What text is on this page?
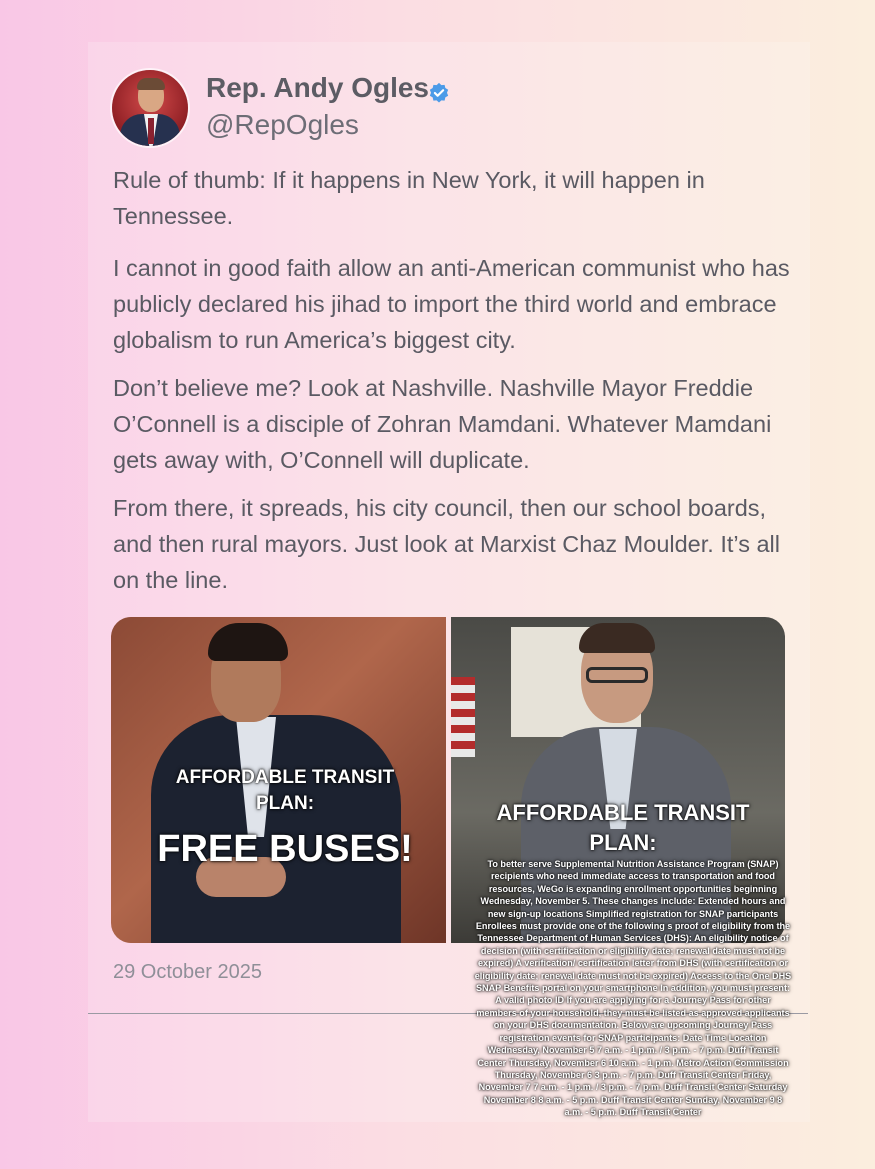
Rep. Andy Ogles
@RepOgles

Rule of thumb: If it happens in New York, it will happen in Tennessee.

I cannot in good faith allow an anti-American communist who has publicly declared his jihad to import the third world and embrace globalism to run America’s biggest city.

Don’t believe me? Look at Nashville. Nashville Mayor Freddie O’Connell is a disciple of Zohran Mamdani. Whatever Mamdani gets away with, O’Connell will duplicate.

From there, it spreads, his city council, then our school boards, and then rural mayors. Just look at Marxist Chaz Moulder. It’s all on the line.

AFFORDABLE TRANSIT PLAN:
FREE BUSES!
AFFORDABLE TRANSIT PLAN:
29 October 2025
To better serve Supplemental Nutrition Assistance Program (SNAP) recipients who need immediate access to transportation and food resources, WeGo is expanding enrollment opportunities beginning Wednesday, November 5. These changes include: Extended hours and new sign-up locations Simplified registration for SNAP participants Enrollees must provide one of the following s proof of eligibility from the Tennessee Department of Human Services (DHS): An eligibility notice of decision (with certification or eligibility date; renewal date must not be expired) A verification/ certification letter from DHS (with certification or eligibility date; renewal date must not be expired) Access to the One DHS SNAP Benefits portal on your smartphone In addition, you must present: A valid photo ID If you are applying for a Journey Pass for other members of your household, they must be listed as approved applicants on your DHS documentation. Below are upcoming Journey Pass registration events for SNAP participants: Date Time Location Wednesday, November 5 7 a.m. - 1 p.m. / 3 p.m. - 7 p.m. Duff Transit Center Thursday, November 6 10 a.m. - 1 p.m. Metro Action Commission Thursday, November 6 3 p.m. - 7 p.m. Duff Transit Center Friday, November 7 7 a.m. - 1 p.m. / 3 p.m. - 7 p.m. Duff Transit Center Saturday November 8 8 a.m. - 5 p.m. Duff Transit Center Sunday, November 9 8 a.m. - 5 p.m. Duff Transit Center
